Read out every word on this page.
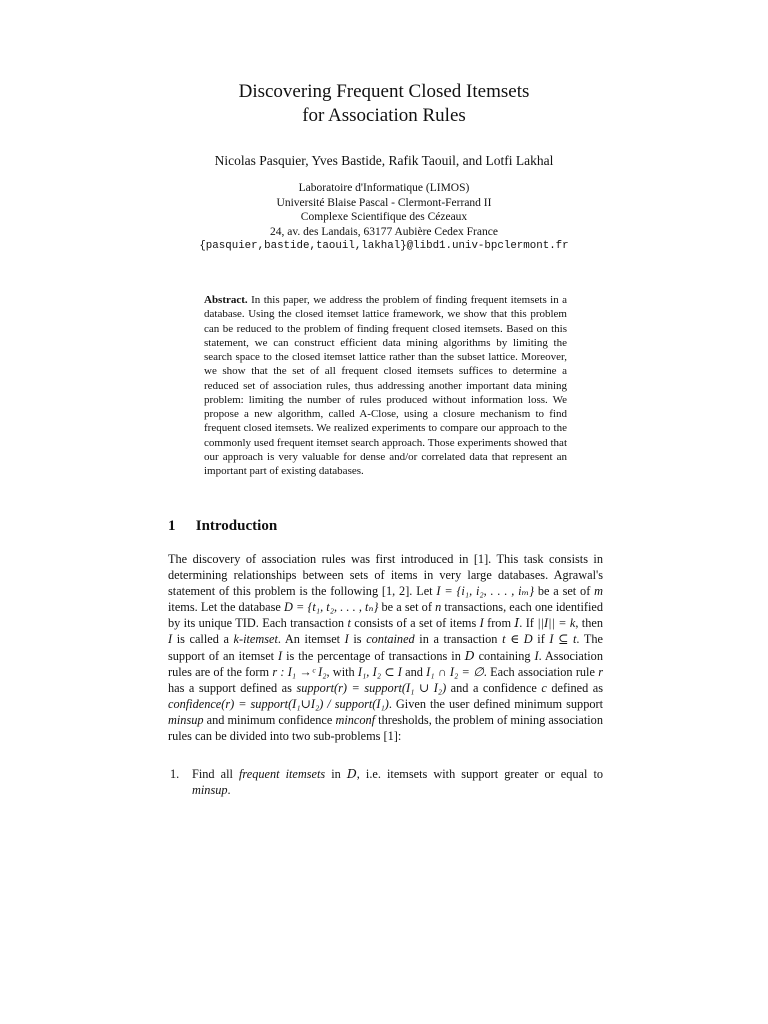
Discovering Frequent Closed Itemsets
for Association Rules
Nicolas Pasquier, Yves Bastide, Rafik Taouil, and Lotfi Lakhal
Laboratoire d'Informatique (LIMOS)
Université Blaise Pascal - Clermont-Ferrand II
Complexe Scientifique des Cézeaux
24, av. des Landais, 63177 Aubière Cedex France
{pasquier,bastide,taouil,lakhal}@libd1.univ-bpclermont.fr
Abstract. In this paper, we address the problem of finding frequent itemsets in a database. Using the closed itemset lattice framework, we show that this problem can be reduced to the problem of finding frequent closed itemsets. Based on this statement, we can construct efficient data mining algorithms by limiting the search space to the closed itemset lattice rather than the subset lattice. Moreover, we show that the set of all frequent closed itemsets suffices to determine a reduced set of association rules, thus addressing another important data mining problem: limiting the number of rules produced without information loss. We propose a new algorithm, called A-Close, using a closure mechanism to find frequent closed itemsets. We realized experiments to compare our approach to the commonly used frequent itemset search approach. Those experiments showed that our approach is very valuable for dense and/or correlated data that represent an important part of existing databases.
1 Introduction
The discovery of association rules was first introduced in [1]. This task consists in determining relationships between sets of items in very large databases. Agrawal's statement of this problem is the following [1, 2]. Let I = {i₁, i₂, . . . , iₘ} be a set of m items. Let the database D = {t₁, t₂, . . . , tₙ} be a set of n transactions, each one identified by its unique TID. Each transaction t consists of a set of items I from I. If ||I|| = k, then I is called a k-itemset. An itemset I is contained in a transaction t ∈ D if I ⊆ t. The support of an itemset I is the percentage of transactions in D containing I. Association rules are of the form r : I₁ →ᶜ I₂, with I₁, I₂ ⊂ I and I₁ ∩ I₂ = ∅. Each association rule r has a support defined as support(r) = support(I₁ ∪ I₂) and a confidence c defined as confidence(r) = support(I₁∪I₂) / support(I₁). Given the user defined minimum support minsup and minimum confidence minconf thresholds, the problem of mining association rules can be divided into two sub-problems [1]:
1.	Find all frequent itemsets in D, i.e. itemsets with support greater or equal to minsup.
